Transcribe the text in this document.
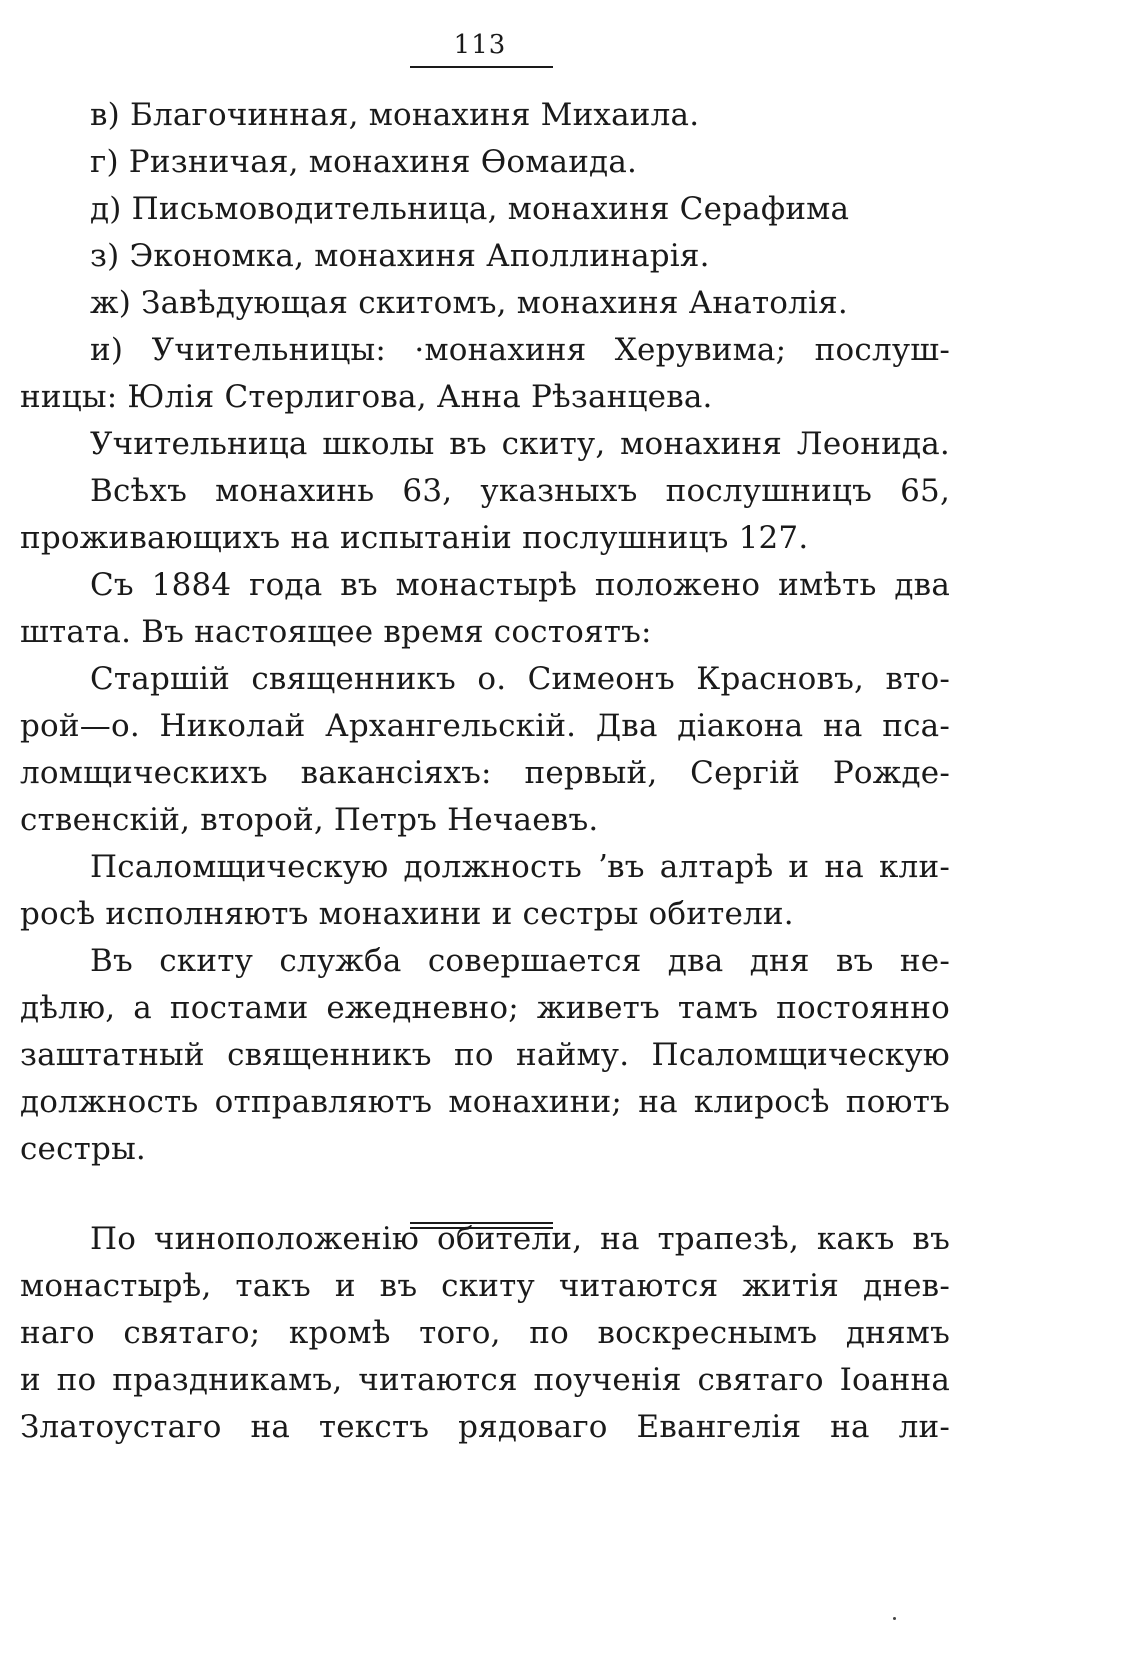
113
в) Благочинная, монахиня Михаила.
г) Ризничая, монахиня Өомаида.
д) Письмоводительница, монахиня Серафима
з) Экономка, монахиня Аполлинарія.
ж) Завѣдующая скитомъ, монахиня Анатолія.
и) Учительницы: ·монахиня Херувима; послуш-
ницы: Юлія Стерлигова, Анна Рѣзанцева.
Учительница школы въ скиту, монахиня Леонида.
Всѣхъ монахинь 63, указныхъ послушницъ 65,
проживающихъ на испытаніи послушницъ 127.
Съ 1884 года въ монастырѣ положено имѣть два
штата. Въ настоящее время состоятъ:
Старшій священникъ о. Симеонъ Красновъ, вто-
рой—о. Николай Архангельскій. Два діакона на пса-
ломщическихъ вакансіяхъ: первый, Сергій Рожде-
ственскій, второй, Петръ Нечаевъ.
Псаломщическую должность ʼвъ алтарѣ и на кли-
росѣ исполняютъ монахини и сестры обители.
Въ скиту служба совершается два дня въ не-
дѣлю, а постами ежедневно; живетъ тамъ постоянно
заштатный священникъ по найму. Псаломщическую
должность отправляютъ монахини; на клиросѣ поютъ
сестры.
По чиноположенію обители, на трапезѣ, какъ въ
монастырѣ, такъ и въ скиту читаются житія днев-
наго святаго; кромѣ того, по воскреснымъ днямъ
и по праздникамъ, читаются поученія святаго Іоанна
Златоустаго на текстъ рядоваго Евангелія на ли-
